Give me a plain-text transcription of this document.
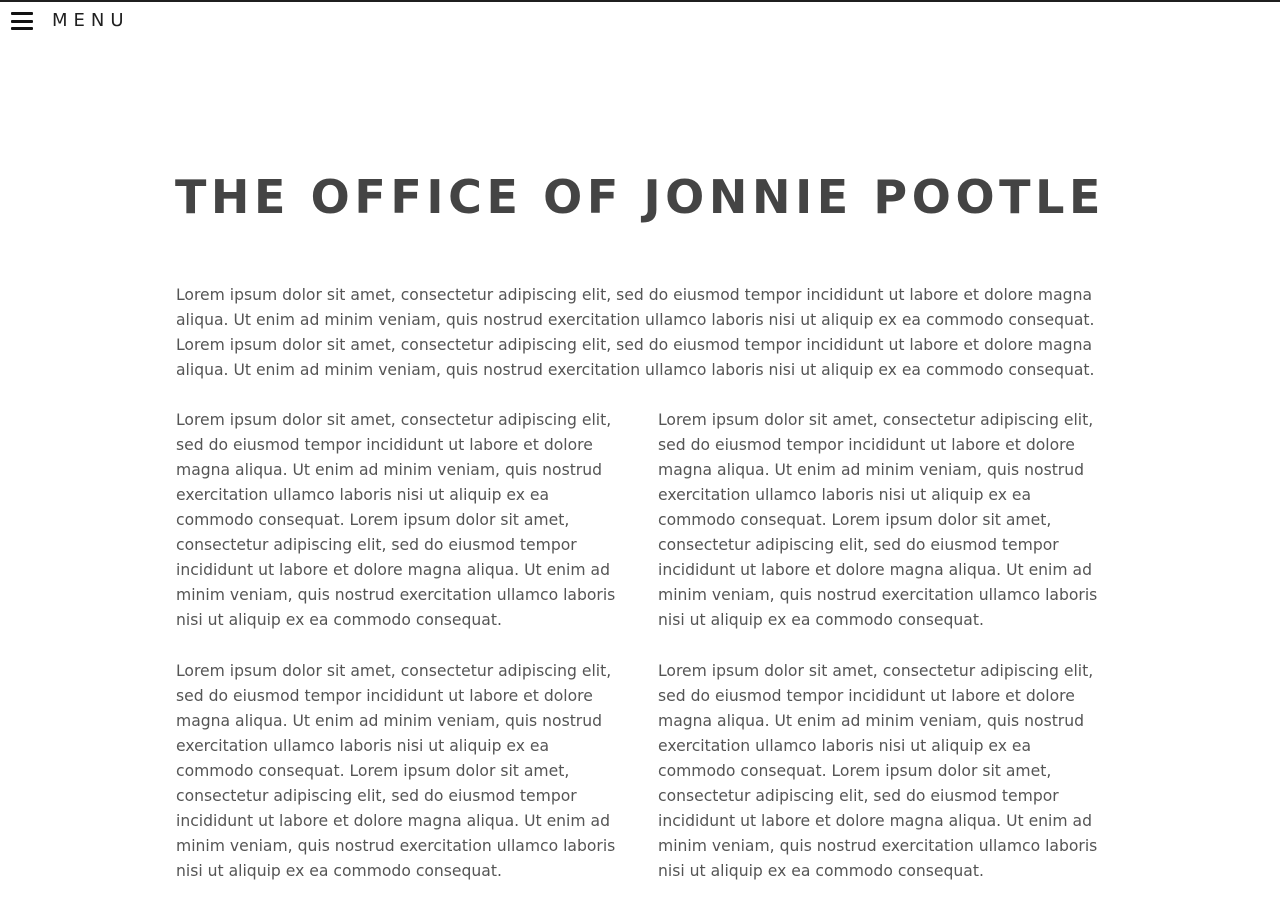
MENU
THE OFFICE OF JONNIE POOTLE

Lorem ipsum dolor sit amet, consectetur adipiscing elit, sed do eiusmod tempor incididunt ut labore et dolore magna aliqua. Ut enim ad minim veniam, quis nostrud exercitation ullamco laboris nisi ut aliquip ex ea commodo consequat. Lorem ipsum dolor sit amet, consectetur adipiscing elit, sed do eiusmod tempor incididunt ut labore et dolore magna aliqua. Ut enim ad minim veniam, quis nostrud exercitation ullamco laboris nisi ut aliquip ex ea commodo consequat.

Lorem ipsum dolor sit amet, consectetur adipiscing elit, sed do eiusmod tempor incididunt ut labore et dolore magna aliqua. Ut enim ad minim veniam, quis nostrud exercitation ullamco laboris nisi ut aliquip ex ea commodo consequat. Lorem ipsum dolor sit amet, consectetur adipiscing elit, sed do eiusmod tempor incididunt ut labore et dolore magna aliqua. Ut enim ad minim veniam, quis nostrud exercitation ullamco laboris nisi ut aliquip ex ea commodo consequat.

Lorem ipsum dolor sit amet, consectetur adipiscing elit, sed do eiusmod tempor incididunt ut labore et dolore magna aliqua. Ut enim ad minim veniam, quis nostrud exercitation ullamco laboris nisi ut aliquip ex ea commodo consequat. Lorem ipsum dolor sit amet, consectetur adipiscing elit, sed do eiusmod tempor incididunt ut labore et dolore magna aliqua. Ut enim ad minim veniam, quis nostrud exercitation ullamco laboris nisi ut aliquip ex ea commodo consequat.

Lorem ipsum dolor sit amet, consectetur adipiscing elit, sed do eiusmod tempor incididunt ut labore et dolore magna aliqua. Ut enim ad minim veniam, quis nostrud exercitation ullamco laboris nisi ut aliquip ex ea commodo consequat. Lorem ipsum dolor sit amet, consectetur adipiscing elit, sed do eiusmod tempor incididunt ut labore et dolore magna aliqua. Ut enim ad minim veniam, quis nostrud exercitation ullamco laboris nisi ut aliquip ex ea commodo consequat.

Lorem ipsum dolor sit amet, consectetur adipiscing elit, sed do eiusmod tempor incididunt ut labore et dolore magna aliqua. Ut enim ad minim veniam, quis nostrud exercitation ullamco laboris nisi ut aliquip ex ea commodo consequat. Lorem ipsum dolor sit amet, consectetur adipiscing elit, sed do eiusmod tempor incididunt ut labore et dolore magna aliqua. Ut enim ad minim veniam, quis nostrud exercitation ullamco laboris nisi ut aliquip ex ea commodo consequat.
